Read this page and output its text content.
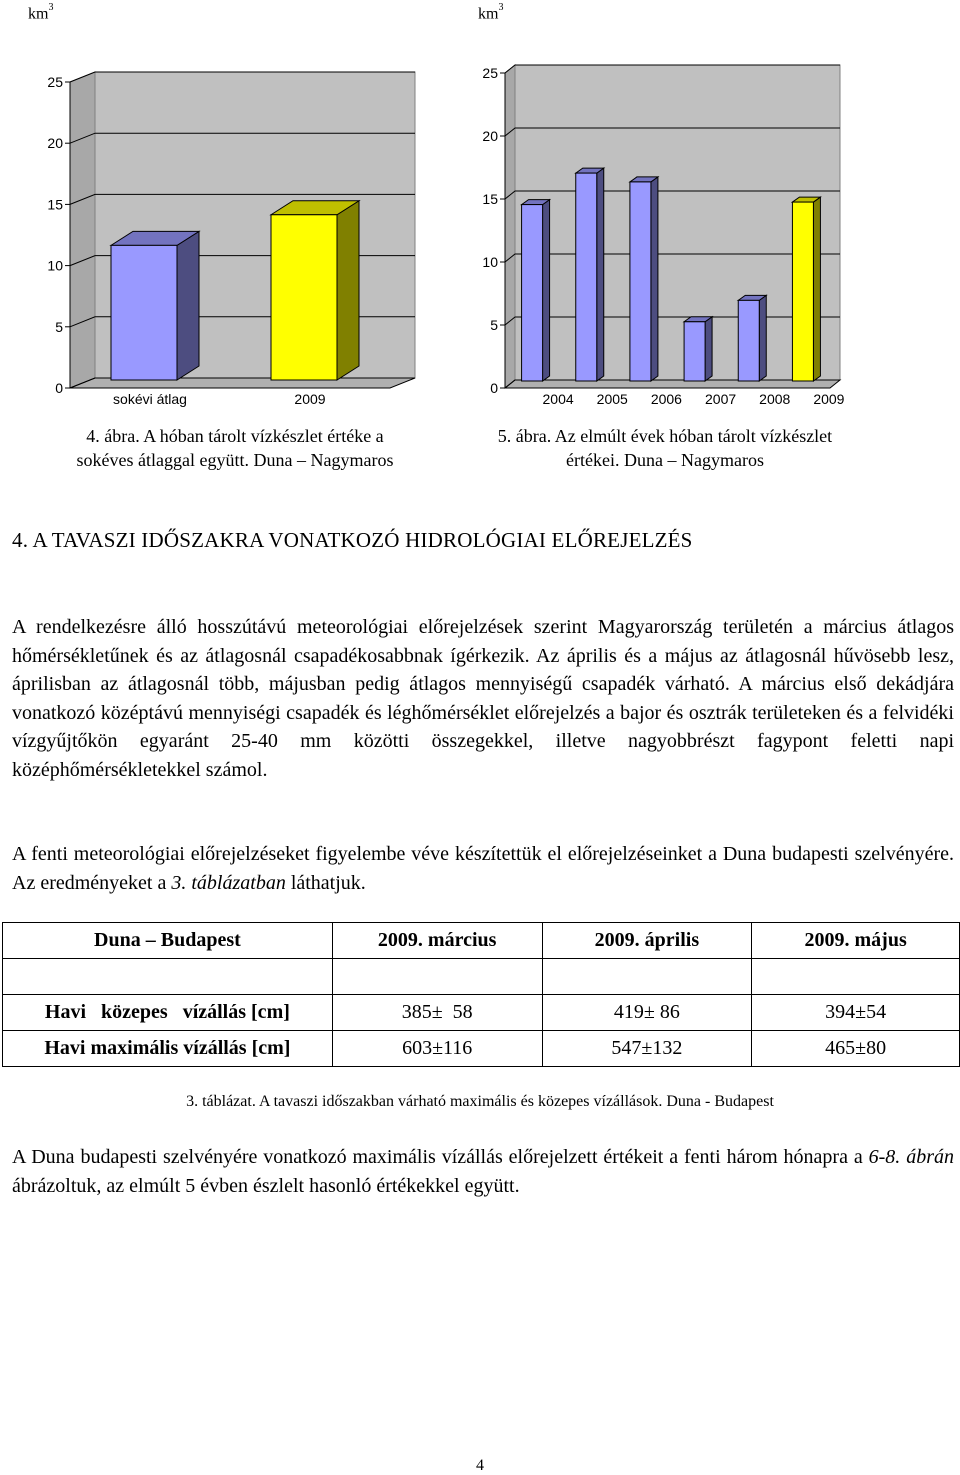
$km^3$
0
5
10
15
20
25
sokévi átlag	2009
4. ábra. A hóban tárolt vízkészlet értéke a
sokéves átlaggal együtt. Duna – Nagymaros
$km^3$
0
5
10
15
20
25
2004 2005 2006 2007 2008 2009
5. ábra. Az elmúlt évek hóban tárolt vízkészlet
értékei. Duna – Nagymaros
4. A TAVASZI IDŐSZAKRA VONATKOZÓ HIDROLÓGIAI ELŐREJELZÉS

A rendelkezésre álló hosszútávú meteorológiai előrejelzések szerint Magyarország területén a március átlagos hőmérsékletűnek és az átlagosnál csapadékosabbnak ígérkezik. Az április és a május az átlagosnál hűvösebb lesz, áprilisban az átlagosnál több, májusban pedig átlagos mennyiségű csapadék várható. A március első dekádjára vonatkozó középtávú mennyiségi csapadék és léghőmérséklet előrejelzés a bajor és osztrák területeken és a felvidéki vízgyűjtőkön egyaránt 25-40 mm közötti összegekkel, illetve nagyobbrészt fagypont feletti napi középhőmérsékletekkel számol.

A fenti meteorológiai előrejelzéseket figyelembe véve készítettük el előrejelzéseinket a Duna budapesti szelvényére. Az eredményeket a 3. táblázatban láthatjuk.

Duna – Budapest	2009. március	2009. április	2009. május

Havi   közepes   vízállás [cm]	385±  58	419± 86	394±54
Havi maximális vízállás [cm]	603±116	547±132	465±80
3. táblázat. A tavaszi időszakban várható maximális és közepes vízállások. Duna - Budapest

A Duna budapesti szelvényére vonatkozó maximális vízállás előrejelzett értékeit a fenti három hónapra a 6-8. ábrán ábrázoltuk, az elmúlt 5 évben észlelt hasonló értékekkel együtt.

4
